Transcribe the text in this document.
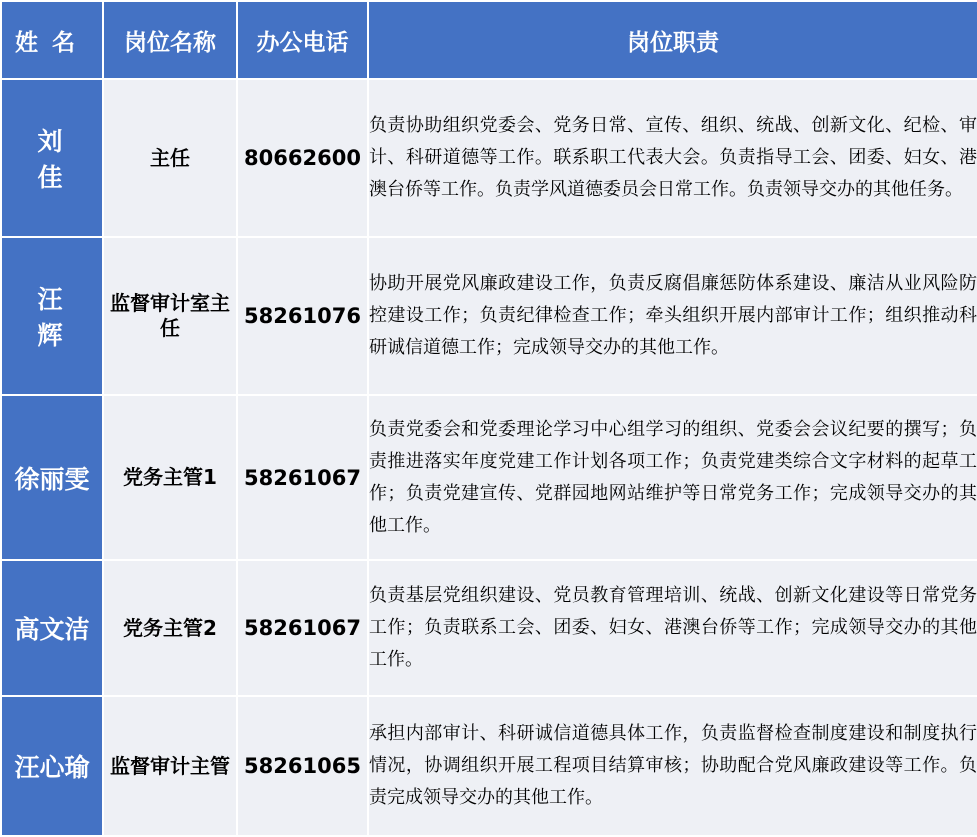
姓名	岗位名称	办公电话	岗位职责
刘佳	主任	80662600	负责协助组织党委会、党务日常、宣传、组织、统战、创新文化、纪检、审计、科研道德等工作。联系职工代表大会。负责指导工会、团委、妇女、港澳台侨等工作。负责学风道德委员会日常工作。负责领导交办的其他任务。
汪辉	监督审计室主任	58261076	协助开展党风廉政建设工作，负责反腐倡廉惩防体系建设、廉洁从业风险防控建设工作；负责纪律检查工作；牵头组织开展内部审计工作；组织推动科研诚信道德工作；完成领导交办的其他工作。
徐丽雯	党务主管1	58261067	负责党委会和党委理论学习中心组学习的组织、党委会会议纪要的撰写；负责推进落实年度党建工作计划各项工作；负责党建类综合文字材料的起草工作；负责党建宣传、党群园地网站维护等日常党务工作；完成领导交办的其他工作。
高文洁	党务主管2	58261067	负责基层党组织建设、党员教育管理培训、统战、创新文化建设等日常党务工作；负责联系工会、团委、妇女、港澳台侨等工作；完成领导交办的其他工作。
汪心瑜	监督审计主管	58261065	承担内部审计、科研诚信道德具体工作，负责监督检查制度建设和制度执行情况，协调组织开展工程项目结算审核；协助配合党风廉政建设等工作。负责完成领导交办的其他工作。
